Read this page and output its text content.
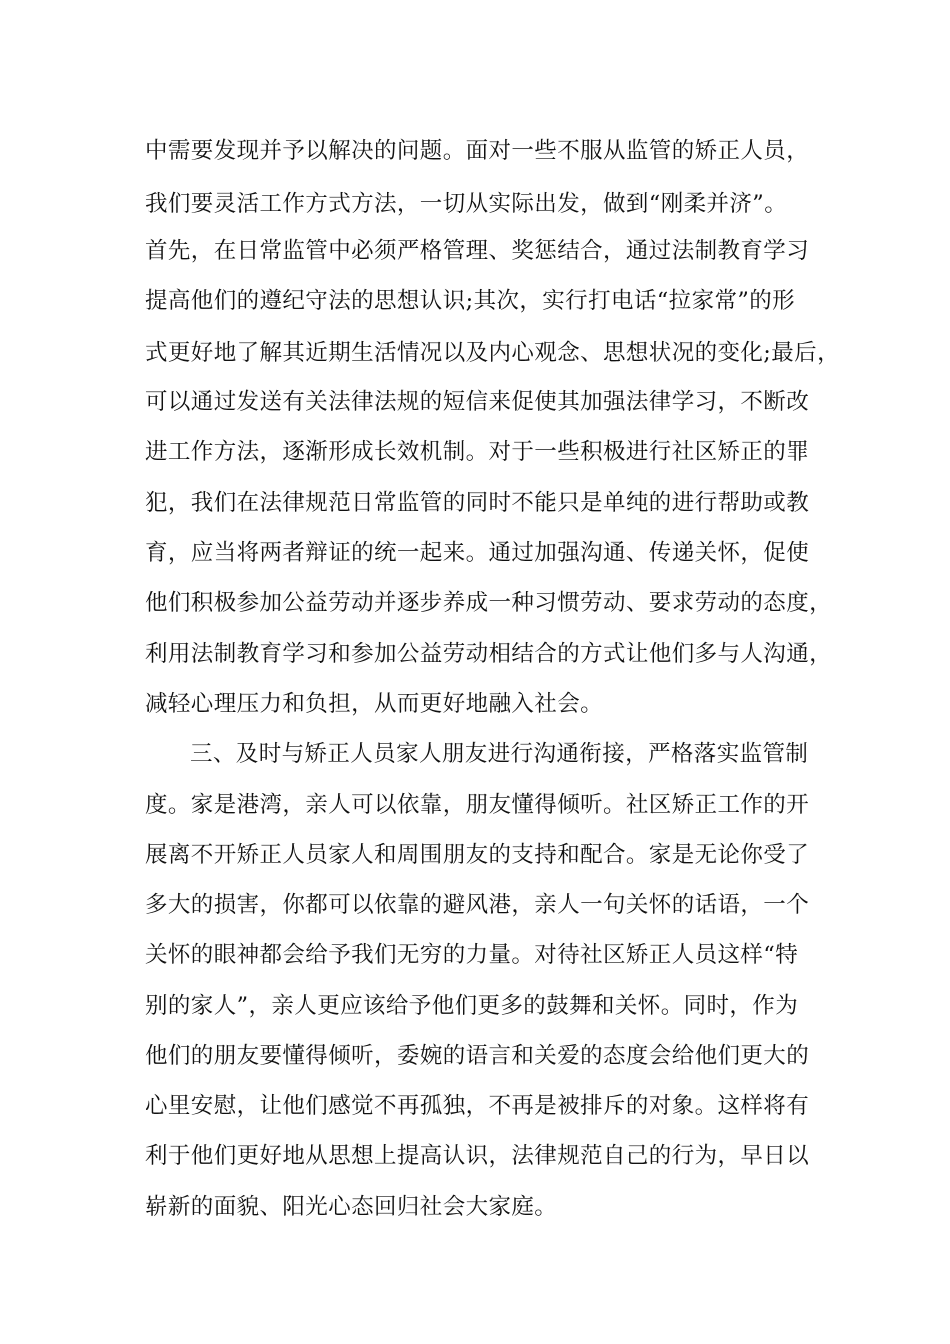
中需要发现并予以解决的问题。面对一些不服从监管的矫正人员，
我们要灵活工作方式方法，一切从实际出发，做到“刚柔并济”。
首先，在日常监管中必须严格管理、奖惩结合，通过法制教育学习
提高他们的遵纪守法的思想认识;其次，实行打电话“拉家常”的形
式更好地了解其近期生活情况以及内心观念、思想状况的变化;最后，
可以通过发送有关法律法规的短信来促使其加强法律学习，不断改
进工作方法，逐渐形成长效机制。对于一些积极进行社区矫正的罪
犯，我们在法律规范日常监管的同时不能只是单纯的进行帮助或教
育，应当将两者辩证的统一起来。通过加强沟通、传递关怀，促使
他们积极参加公益劳动并逐步养成一种习惯劳动、要求劳动的态度，
利用法制教育学习和参加公益劳动相结合的方式让他们多与人沟通，
减轻心理压力和负担，从而更好地融入社会。
三、及时与矫正人员家人朋友进行沟通衔接，严格落实监管制
度。家是港湾，亲人可以依靠，朋友懂得倾听。社区矫正工作的开
展离不开矫正人员家人和周围朋友的支持和配合。家是无论你受了
多大的损害，你都可以依靠的避风港，亲人一句关怀的话语，一个
关怀的眼神都会给予我们无穷的力量。对待社区矫正人员这样“特
别的家人”，亲人更应该给予他们更多的鼓舞和关怀。同时，作为
他们的朋友要懂得倾听，委婉的语言和关爱的态度会给他们更大的
心里安慰，让他们感觉不再孤独，不再是被排斥的对象。这样将有
利于他们更好地从思想上提高认识，法律规范自己的行为，早日以
崭新的面貌、阳光心态回归社会大家庭。
